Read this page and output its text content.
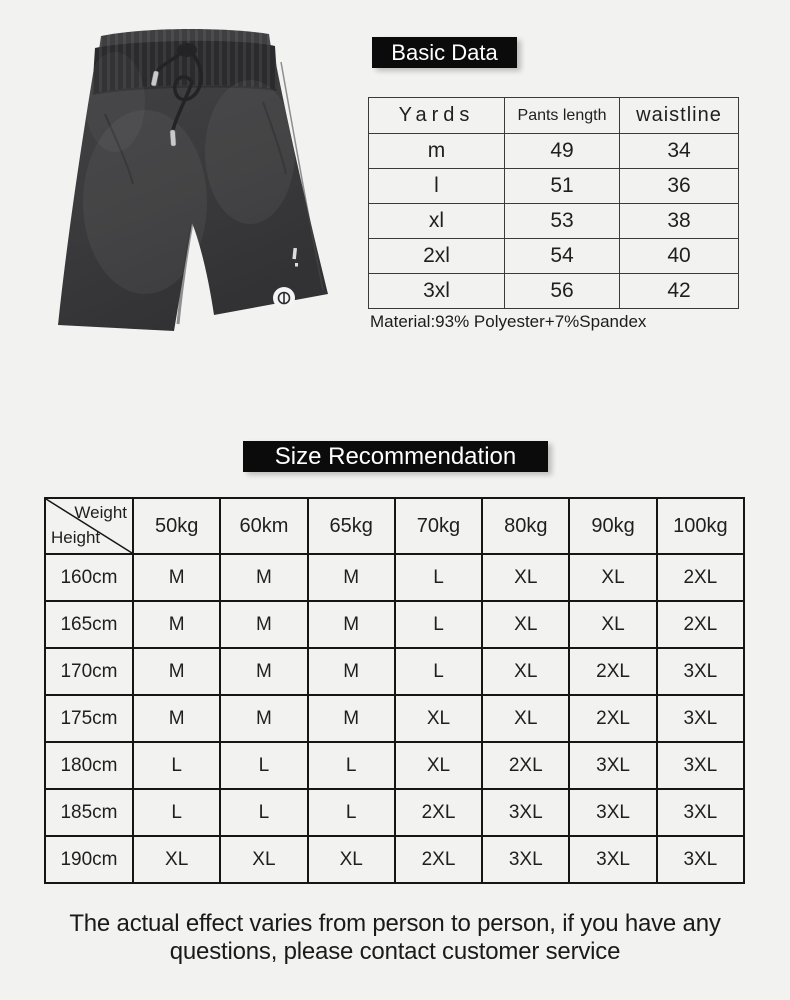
Basic Data
Yards	Pants length	waistline
m	49	34
l	51	36
xl	53	38
2xl	54	40
3xl	56	42
Material:93% Polyester+7%Spandex
Size Recommendation
Weight
Height	50kg	60km	65kg	70kg	80kg	90kg	100kg
160cm	M	M	M	L	XL	XL	2XL
165cm	M	M	M	L	XL	XL	2XL
170cm	M	M	M	L	XL	2XL	3XL
175cm	M	M	M	XL	XL	2XL	3XL
180cm	L	L	L	XL	2XL	3XL	3XL
185cm	L	L	L	2XL	3XL	3XL	3XL
190cm	XL	XL	XL	2XL	3XL	3XL	3XL
The actual effect varies from person to person, if you have any
questions, please contact customer service
